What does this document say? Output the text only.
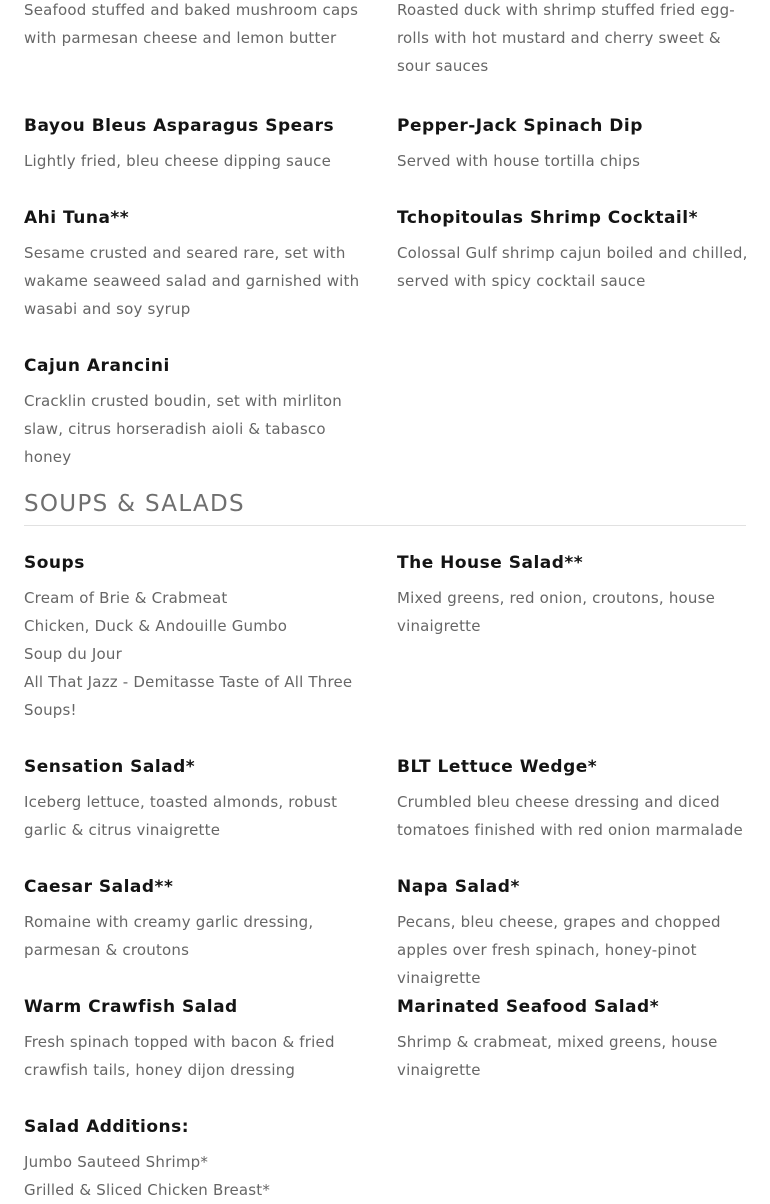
Seafood stuffed and baked mushroom caps with parmesan cheese and lemon butter
Roasted duck with shrimp stuffed fried egg-rolls with hot mustard and cherry sweet & sour sauces
Bayou Bleus Asparagus Spears
Lightly fried, bleu cheese dipping sauce
Pepper-Jack Spinach Dip
Served with house tortilla chips
Ahi Tuna**
Sesame crusted and seared rare, set with wakame seaweed salad and garnished with wasabi and soy syrup
Tchopitoulas Shrimp Cocktail*
Colossal Gulf shrimp cajun boiled and chilled, served with spicy cocktail sauce
Cajun Arancini
Cracklin crusted boudin, set with mirliton slaw, citrus horseradish aioli & tabasco honey
SOUPS & SALADS
Soups
Cream of Brie & Crabmeat
Chicken, Duck & Andouille Gumbo
Soup du Jour
All That Jazz - Demitasse Taste of All Three Soups!
The House Salad**
Mixed greens, red onion, croutons, house vinaigrette
Sensation Salad*
Iceberg lettuce, toasted almonds, robust garlic & citrus vinaigrette
BLT Lettuce Wedge*
Crumbled bleu cheese dressing and diced tomatoes finished with red onion marmalade
Caesar Salad**
Romaine with creamy garlic dressing, parmesan & croutons
Napa Salad*
Pecans, bleu cheese, grapes and chopped apples over fresh spinach, honey-pinot vinaigrette
Warm Crawfish Salad
Fresh spinach topped with bacon & fried crawfish tails, honey dijon dressing
Marinated Seafood Salad*
Shrimp & crabmeat, mixed greens, house vinaigrette
Salad Additions:
Jumbo Sauteed Shrimp*
Grilled & Sliced Chicken Breast*
